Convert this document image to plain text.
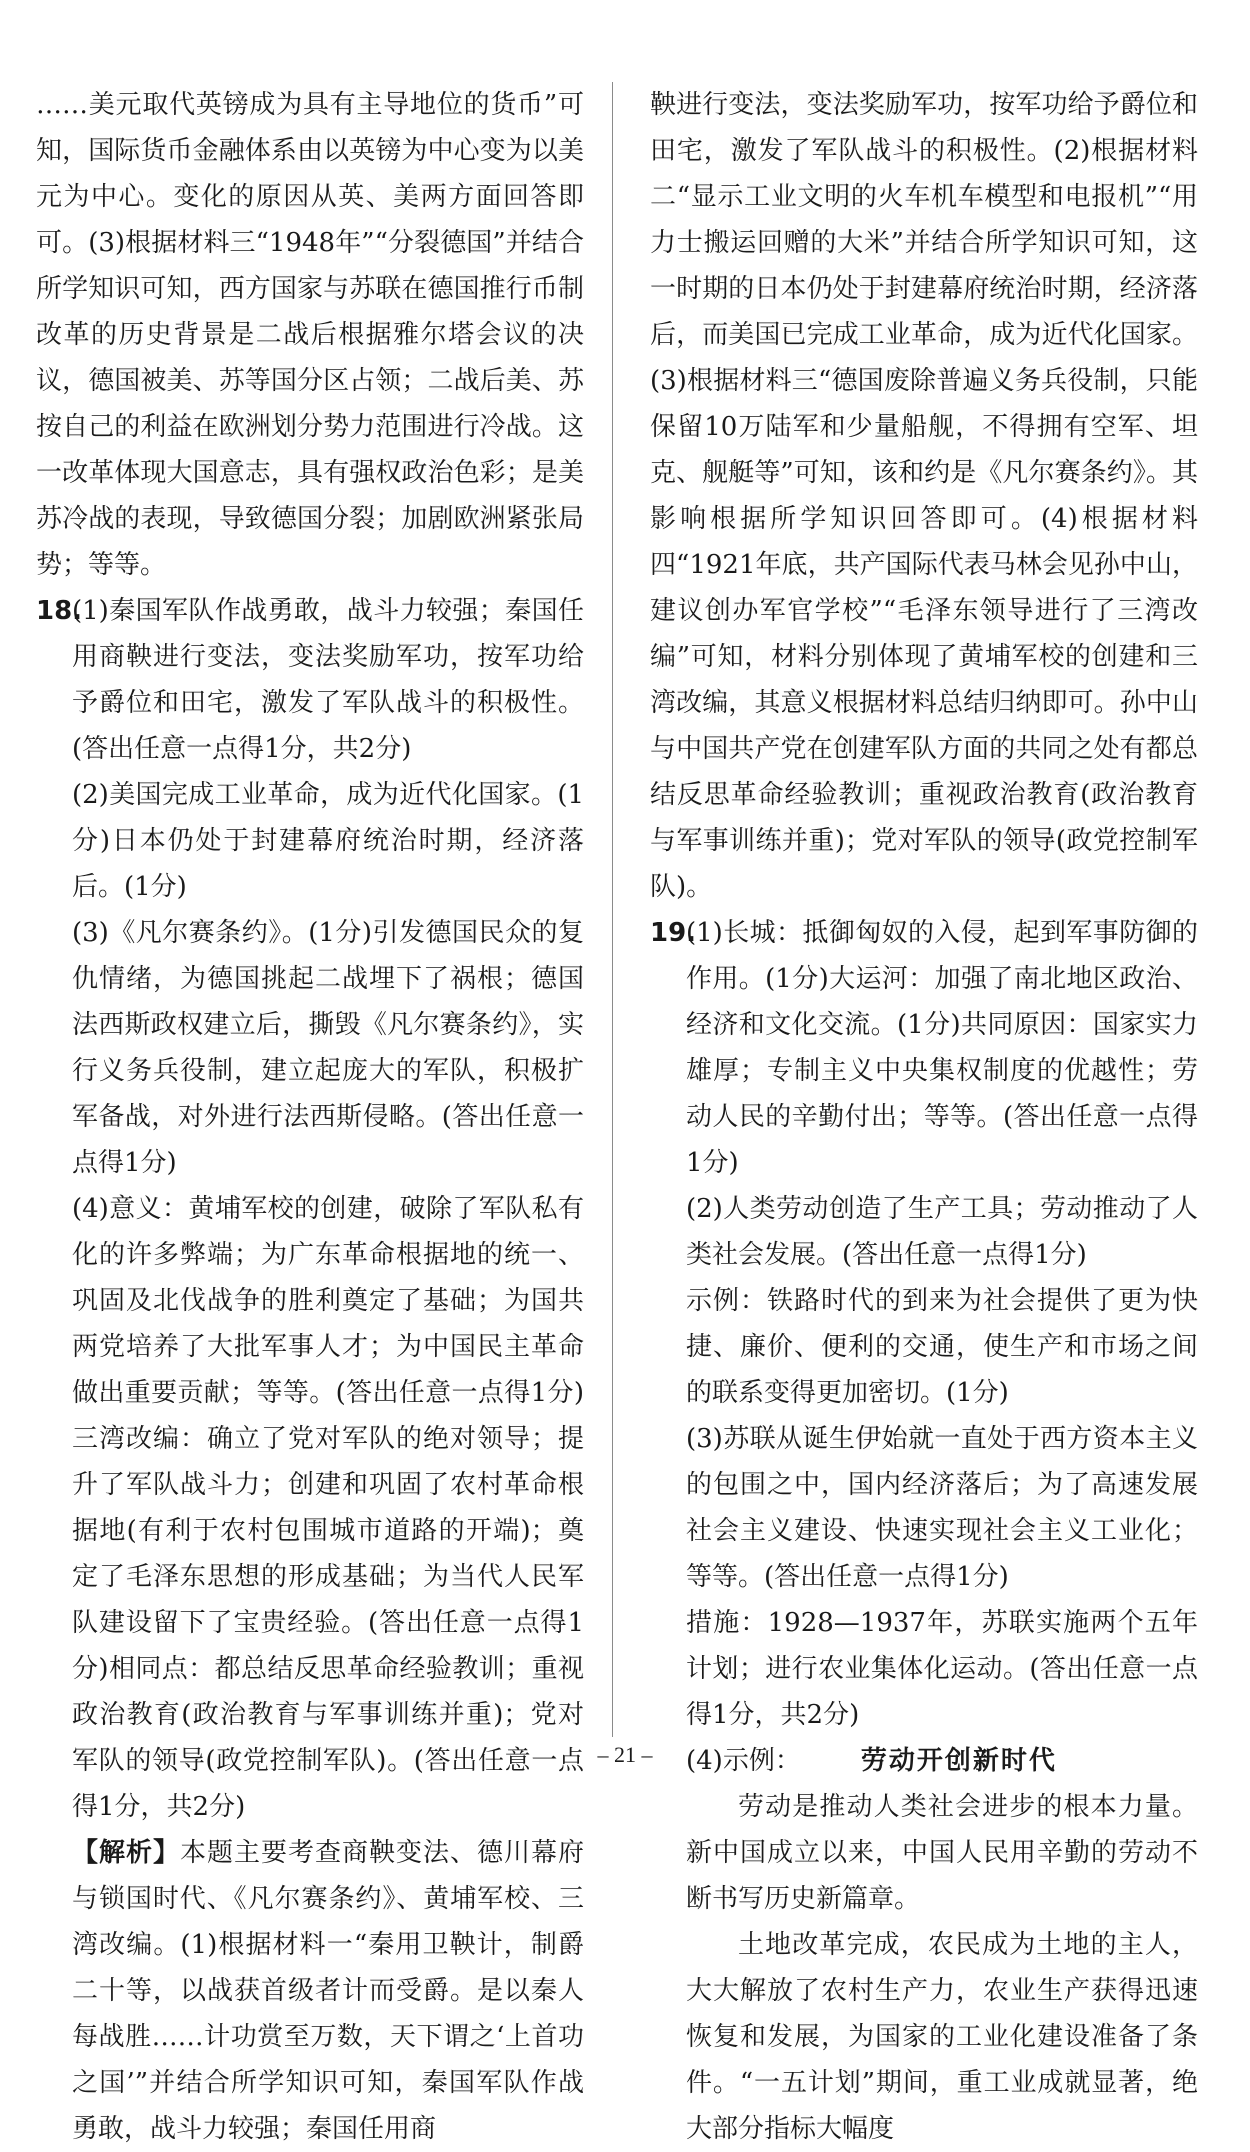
……美元取代英镑成为具有主导地位的货币”可知，国际货币金融体系由以英镑为中心变为以美元为中心。变化的原因从英、美两方面回答即可。(3)根据材料三“1948年”“分裂德国”并结合所学知识可知，西方国家与苏联在德国推行币制改革的历史背景是二战后根据雅尔塔会议的决议，德国被美、苏等国分区占领；二战后美、苏按自己的利益在欧洲划分势力范围进行冷战。这一改革体现大国意志，具有强权政治色彩；是美苏冷战的表现，导致德国分裂；加剧欧洲紧张局势；等等。

18.(1)秦国军队作战勇敢，战斗力较强；秦国任用商鞅进行变法，变法奖励军功，按军功给予爵位和田宅，激发了军队战斗的积极性。(答出任意一点得1分，共2分)

(2)美国完成工业革命，成为近代化国家。(1分)日本仍处于封建幕府统治时期，经济落后。(1分)

(3)《凡尔赛条约》。(1分)引发德国民众的复仇情绪，为德国挑起二战埋下了祸根；德国法西斯政权建立后，撕毁《凡尔赛条约》，实行义务兵役制，建立起庞大的军队，积极扩军备战，对外进行法西斯侵略。(答出任意一点得1分)

(4)意义：黄埔军校的创建，破除了军队私有化的许多弊端；为广东革命根据地的统一、巩固及北伐战争的胜利奠定了基础；为国共两党培养了大批军事人才；为中国民主革命做出重要贡献；等等。(答出任意一点得1分)三湾改编：确立了党对军队的绝对领导；提升了军队战斗力；创建和巩固了农村革命根据地(有利于农村包围城市道路的开端)；奠定了毛泽东思想的形成基础；为当代人民军队建设留下了宝贵经验。(答出任意一点得1分)相同点：都总结反思革命经验教训；重视政治教育(政治教育与军事训练并重)；党对军队的领导(政党控制军队)。(答出任意一点得1分，共2分)

【解析】本题主要考查商鞅变法、德川幕府与锁国时代、《凡尔赛条约》、黄埔军校、三湾改编。(1)根据材料一“秦用卫鞅计，制爵二十等，以战获首级者计而受爵。是以秦人每战胜……计功赏至万数，天下谓之‘上首功之国’”并结合所学知识可知，秦国军队作战勇敢，战斗力较强；秦国任用商

鞅进行变法，变法奖励军功，按军功给予爵位和田宅，激发了军队战斗的积极性。(2)根据材料二“显示工业文明的火车机车模型和电报机”“用力士搬运回赠的大米”并结合所学知识可知，这一时期的日本仍处于封建幕府统治时期，经济落后，而美国已完成工业革命，成为近代化国家。(3)根据材料三“德国废除普遍义务兵役制，只能保留10万陆军和少量船舰，不得拥有空军、坦克、舰艇等”可知，该和约是《凡尔赛条约》。其影响根据所学知识回答即可。(4)根据材料四“1921年底，共产国际代表马林会见孙中山，建议创办军官学校”“毛泽东领导进行了三湾改编”可知，材料分别体现了黄埔军校的创建和三湾改编，其意义根据材料总结归纳即可。孙中山与中国共产党在创建军队方面的共同之处有都总结反思革命经验教训；重视政治教育(政治教育与军事训练并重)；党对军队的领导(政党控制军队)。

19.(1)长城：抵御匈奴的入侵，起到军事防御的作用。(1分)大运河：加强了南北地区政治、经济和文化交流。(1分)共同原因：国家实力雄厚；专制主义中央集权制度的优越性；劳动人民的辛勤付出；等等。(答出任意一点得1分)

(2)人类劳动创造了生产工具；劳动推动了人类社会发展。(答出任意一点得1分)

示例：铁路时代的到来为社会提供了更为快捷、廉价、便利的交通，使生产和市场之间的联系变得更加密切。(1分)

(3)苏联从诞生伊始就一直处于西方资本主义的包围之中，国内经济落后；为了高速发展社会主义建设、快速实现社会主义工业化；等等。(答出任意一点得1分)

措施：1928—1937年，苏联实施两个五年计划；进行农业集体化运动。(答出任意一点得1分，共2分)

(4)示例： 劳动开创新时代

劳动是推动人类社会进步的根本力量。新中国成立以来，中国人民用辛勤的劳动不断书写历史新篇章。

土地改革完成，农民成为土地的主人，大大解放了农村生产力，农业生产获得迅速恢复和发展，为国家的工业化建设准备了条件。“一五计划”期间，重工业成就显著，绝大部分指标大幅度

– 21 –
